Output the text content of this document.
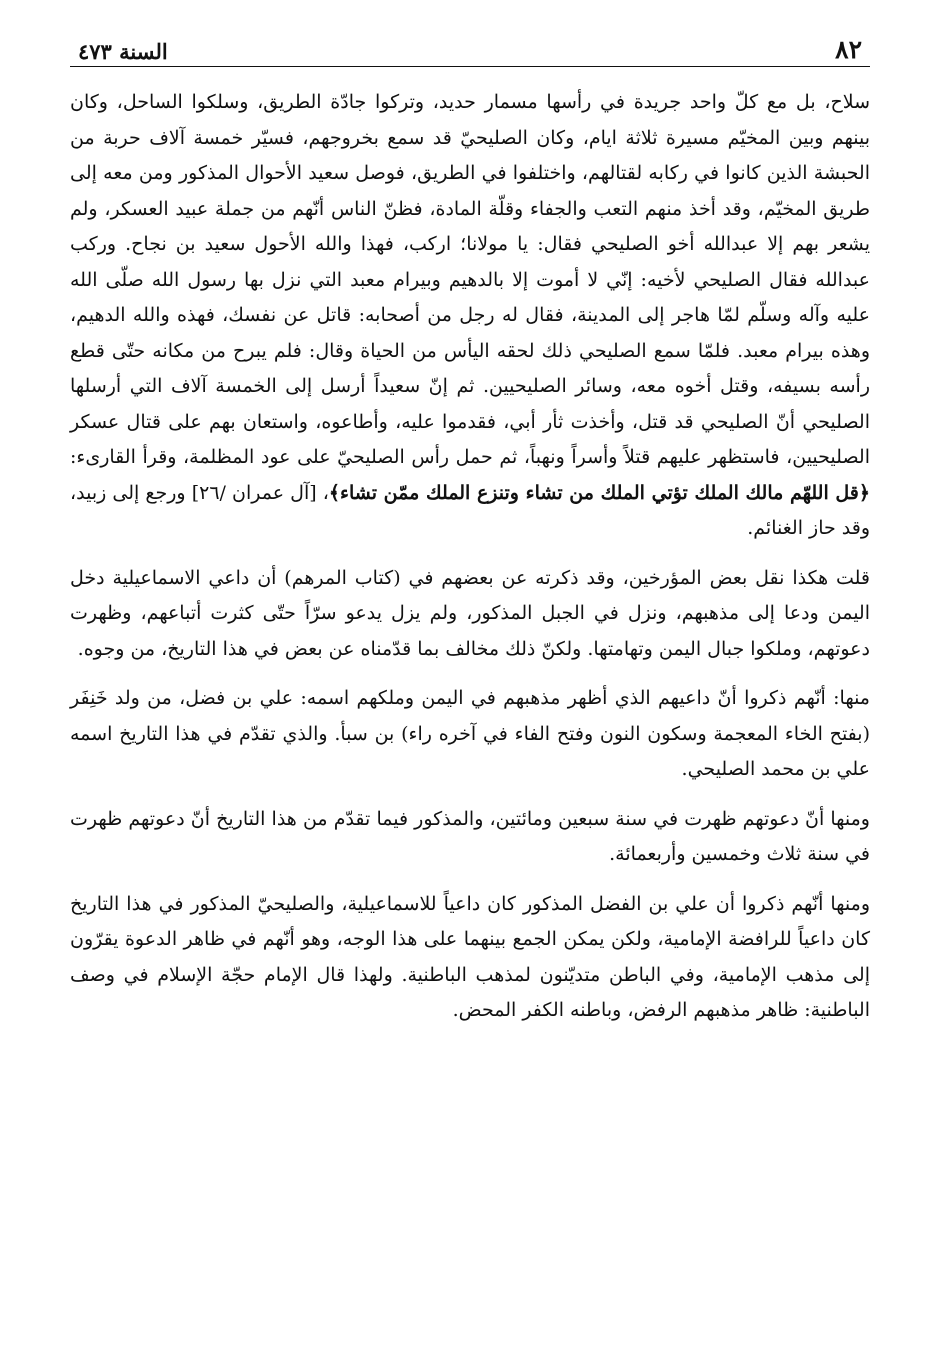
٨٢
السنة ٤٧٣

سلاح، بل مع كلّ واحد جريدة في رأسها مسمار حديد، وتركوا جادّة الطريق، وسلكوا الساحل، وكان بينهم وبين المخيّم مسيرة ثلاثة ايام، وكان الصليحيّ قد سمع بخروجهم، فسيّر خمسة آلاف حربة من الحبشة الذين كانوا في ركابه لقتالهم، واختلفوا في الطريق، فوصل سعيد الأحوال المذكور ومن معه إلى طريق المخيّم، وقد أخذ منهم التعب والجفاء وقلّة المادة، فظنّ الناس أنّهم من جملة عبيد العسكر، ولم يشعر بهم إلا عبدالله أخو الصليحي فقال: يا مولانا؛ اركب، فهذا والله الأحول سعيد بن نجاح. وركب عبدالله فقال الصليحي لأخيه: إنّي لا أموت إلا بالدهيم وبيرام معبد التي نزل بها رسول الله صلّى الله عليه وآله وسلّم لمّا هاجر إلى المدينة، فقال له رجل من أصحابه: قاتل عن نفسك، فهذه والله الدهيم، وهذه بيرام معبد. فلمّا سمع الصليحي ذلك لحقه اليأس من الحياة وقال: فلم يبرح من مكانه حتّى قطع رأسه بسيفه، وقتل أخوه معه، وسائر الصليحيين. ثم إنّ سعيداً أرسل إلى الخمسة آلاف التي أرسلها الصليحي أنّ الصليحي قد قتل، وأخذت ثأر أبي، فقدموا عليه، وأطاعوه، واستعان بهم على قتال عسكر الصليحيين، فاستظهر عليهم قتلاً وأسراً ونهباً، ثم حمل رأس الصليحيّ على عود المظلمة، وقرأ القارىء: ﴿قل اللهّم مالك الملك تؤتي الملك من تشاء وتنزع الملك ممّن تشاء﴾، [آل عمران /٢٦] ورجع إلى زبيد، وقد حاز الغنائم.

قلت هكذا نقل بعض المؤرخين، وقد ذكرته عن بعضهم في (كتاب المرهم) أن داعي الاسماعيلية دخل اليمن ودعا إلى مذهبهم، ونزل في الجبل المذكور، ولم يزل يدعو سرّاً حتّى كثرت أتباعهم، وظهرت دعوتهم، وملكوا جبال اليمن وتهامتها. ولكنّ ذلك مخالف بما قدّمناه عن بعض في هذا التاريخ، من وجوه.

منها: أنّهم ذكروا أنّ داعيهم الذي أظهر مذهبهم في اليمن وملكهم اسمه: علي بن فضل، من ولد خَنِفَر (بفتح الخاء المعجمة وسكون النون وفتح الفاء في آخره راء) بن سبأ. والذي تقدّم في هذا التاريخ اسمه علي بن محمد الصليحي.

ومنها أنّ دعوتهم ظهرت في سنة سبعين ومائتين، والمذكور فيما تقدّم من هذا التاريخ أنّ دعوتهم ظهرت في سنة ثلاث وخمسين وأربعمائة.

ومنها أنّهم ذكروا أن علي بن الفضل المذكور كان داعياً للاسماعيلية، والصليحيّ المذكور في هذا التاريخ كان داعياً للرافضة الإمامية، ولكن يمكن الجمع بينهما على هذا الوجه، وهو أنّهم في ظاهر الدعوة يقرّون إلى مذهب الإمامية، وفي الباطن متديّنون لمذهب الباطنية. ولهذا قال الإمام حجّة الإسلام في وصف الباطنية: ظاهر مذهبهم الرفض، وباطنه الكفر المحض.
